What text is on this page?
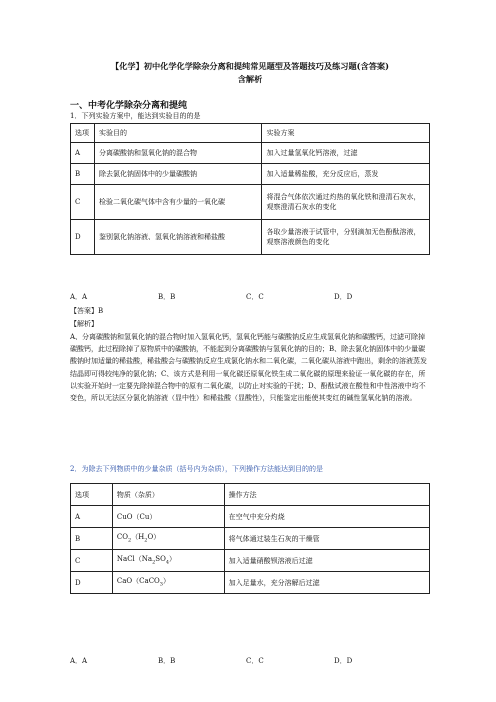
【化学】初中化学化学除杂分离和提纯常见题型及答题技巧及练习题(含答案)
含解析
一、中考化学除杂分离和提纯
1．下列实验方案中，能达到实验目的的是
选项	实验目的	实验方案
A	分离碳酸钠和氢氧化钠的混合物	加入过量氢氧化钙溶液，过滤
B	除去氯化钠固体中的少量碳酸钠	加入适量稀盐酸，充分反应后，蒸发
C	检验二氧化碳气体中含有少量的一氧化碳	将混合气体依次通过灼热的氧化铁和澄清石灰水，观察澄清石灰水的变化
D	鉴别氯化钠溶液、氢氧化钠溶液和稀盐酸	各取少量溶液于试管中，分别滴加无色酚酞溶液，观察溶液颜色的变化
A．A	B．B	C．C	D．D
【答案】B
【解析】
A、分离碳酸钠和氢氧化钠的混合物时加入氢氧化钙，氢氧化钙能与碳酸钠反应生成氢氧化钠和碳酸钙，过滤可除掉碳酸钙，此过程除掉了原物质中的碳酸钠，不能起到分离碳酸钠与氢氧化钠的目的；B、除去氯化钠固体中的少量碳酸钠时加适量的稀盐酸，稀盐酸会与碳酸钠反应生成氯化钠水和二氧化碳，二氧化碳从溶液中跑出，剩余的溶液蒸发结晶即可得较纯净的氯化钠；C、该方式是利用一氧化碳还原氧化铁生成二氧化碳的原理来验证一氧化碳的存在，所以实验开始时一定要先除掉混合物中的原有二氧化碳，以防止对实验的干扰；D、酚酞试液在酸性和中性溶液中均不变色，所以无法区分氯化钠溶液（显中性）和稀盐酸（显酸性），只能鉴定出能使其变红的碱性氢氧化钠的溶液。
2．为除去下列物质中的少量杂质（括号内为杂质），下列操作方法能达到目的的是
选项	物质（杂质）	操作方法
A	CuO（Cu）	在空气中充分灼烧
B	$CO_2(H_2O)$	将气体通过装生石灰的干燥管
C	$NaCl(Na_2SO_4)$	加入适量硝酸钡溶液后过滤
D	CaO（CaCO$_3$）	加入足量水，充分溶解后过滤
A．A	B．B	C．C	D．D
